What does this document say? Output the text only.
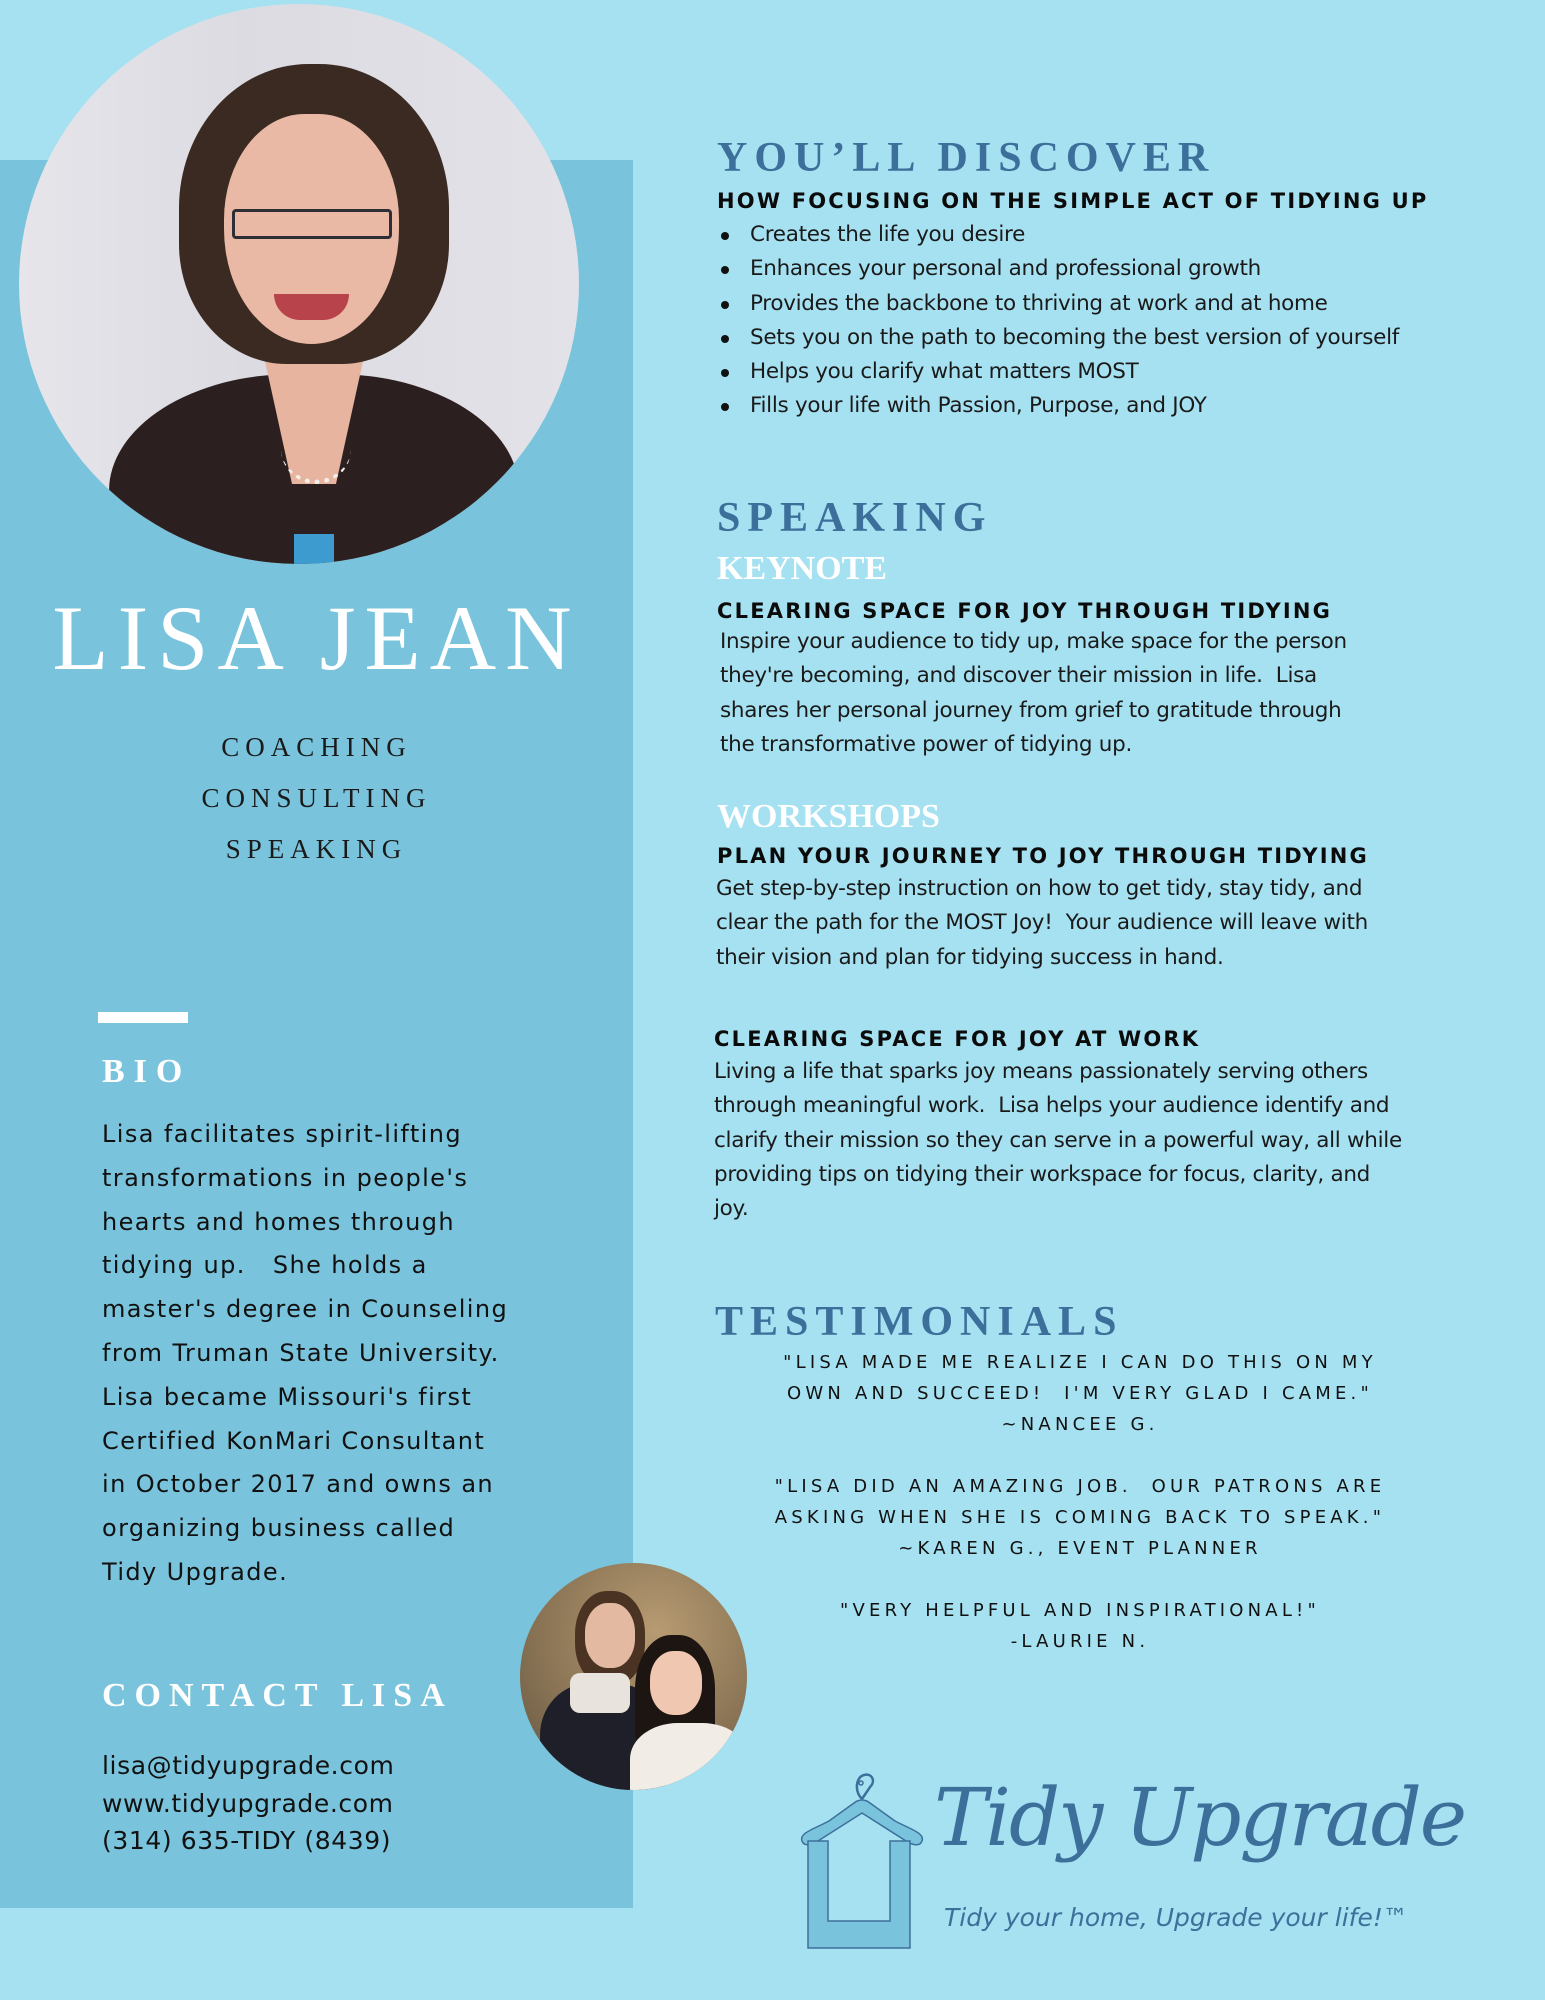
LISA JEAN
COACHING
CONSULTING
SPEAKING
BIO
Lisa facilitates spirit-lifting
transformations in people's
hearts and homes through
tidying up.   She holds a
master's degree in Counseling
from Truman State University.
Lisa became Missouri's first
Certified KonMari Consultant
in October 2017 and owns an
organizing business called
Tidy Upgrade.
CONTACT LISA
lisa@tidyupgrade.com
www.tidyupgrade.com
(314) 635-TIDY (8439)
YOU’LL DISCOVER
HOW FOCUSING ON THE SIMPLE ACT OF TIDYING UP
Creates the life you desire
Enhances your personal and professional growth
Provides the backbone to thriving at work and at home
Sets you on the path to becoming the best version of yourself
Helps you clarify what matters MOST
Fills your life with Passion, Purpose, and JOY
SPEAKING
KEYNOTE
CLEARING SPACE FOR JOY THROUGH TIDYING
Inspire your audience to tidy up, make space for the person
they're becoming, and discover their mission in life.  Lisa
shares her personal journey from grief to gratitude through
the transformative power of tidying up.
WORKSHOPS
PLAN YOUR JOURNEY TO JOY THROUGH TIDYING
Get step-by-step instruction on how to get tidy, stay tidy, and
clear the path for the MOST Joy!  Your audience will leave with
their vision and plan for tidying success in hand.
CLEARING SPACE FOR JOY AT WORK
Living a life that sparks joy means passionately serving others
through meaningful work.  Lisa helps your audience identify and
clarify their mission so they can serve in a powerful way, all while
providing tips on tidying their workspace for focus, clarity, and
joy.
TESTIMONIALS
"LISA MADE ME REALIZE I CAN DO THIS ON MY
OWN AND SUCCEED!  I'M VERY GLAD I CAME."
~NANCEE G.
"LISA DID AN AMAZING JOB.  OUR PATRONS ARE
ASKING WHEN SHE IS COMING BACK TO SPEAK."
~KAREN G., EVENT PLANNER
"VERY HELPFUL AND INSPIRATIONAL!"
-LAURIE N.
Tidy Upgrade
Tidy your home, Upgrade your life!™
